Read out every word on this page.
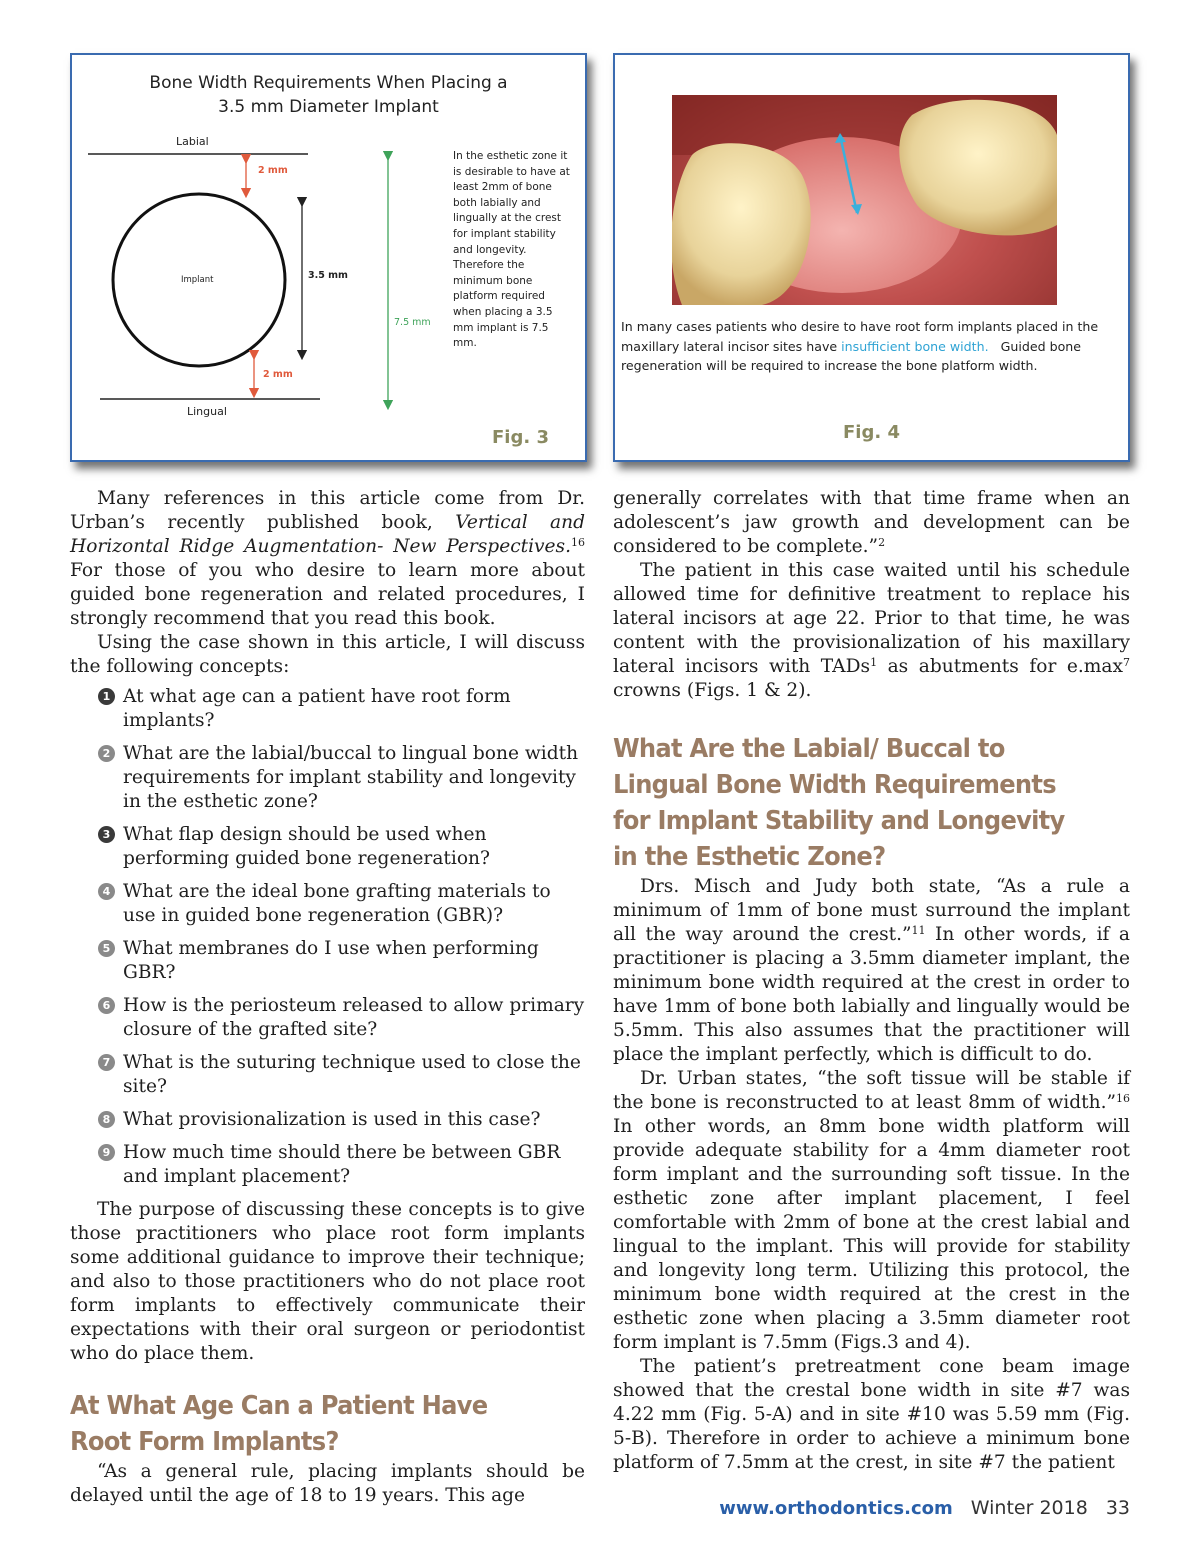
Bone Width Requirements When Placing a
3.5 mm Diameter Implant
Labial
Lingual
Implant
2 mm
2 mm
3.5 mm
7.5 mm
In the esthetic zone it is desirable to have at least 2mm of bone both labially and lingually at the crest for implant stability and longevity. Therefore the minimum bone platform required when placing a 3.5 mm implant is 7.5 mm.
Fig. 3
In many cases patients who desire to have root form implants placed in the maxillary lateral incisor sites have insufficient bone width.   Guided bone regeneration will be required to increase the bone platform width.
Fig. 4

Many references in this article come from Dr. Urban’s recently published book, Vertical and Horizontal Ridge Augmentation- New Perspectives.$^{16}$ For those of you who desire to learn more about guided bone regeneration and related procedures, I strongly recommend that you read this book.

Using the case shown in this article, I will discuss the following concepts:

1 At what age can a patient have root form implants?
2 What are the labial/buccal to lingual bone width requirements for implant stability and longevity in the esthetic zone?
3 What flap design should be used when performing guided bone regeneration?
4 What are the ideal bone grafting materials to use in guided bone regeneration (GBR)?
5 What membranes do I use when performing GBR?
6 How is the periosteum released to allow primary closure of the grafted site?
7 What is the suturing technique used to close the site?
8 What provisionalization is used in this case?
9 How much time should there be between GBR and implant placement?

The purpose of discussing these concepts is to give those practitioners who place root form implants some additional guidance to improve their technique; and also to those practitioners who do not place root form implants to effectively communicate their expectations with their oral surgeon or periodontist who do place them.

At What Age Can a Patient Have Root Form Implants?

“As a general rule, placing implants should be delayed until the age of 18 to 19 years. This age

generally correlates with that time frame when an adolescent’s jaw growth and development can be considered to be complete.”$^2$

The patient in this case waited until his schedule allowed time for definitive treatment to replace his lateral incisors at age 22. Prior to that time, he was content with the provisionalization of his maxillary lateral incisors with TADs$^1$ as abutments for $e.\max^7$ crowns (Figs. 1 & 2).

What Are the Labial/ Buccal to Lingual Bone Width Requirements for Implant Stability and Longevity in the Esthetic Zone?

Drs. Misch and Judy both state, “As a rule a minimum of 1mm of bone must surround the implant all the way around the crest.”$^{11}$ In other words, if a practitioner is placing a 3.5mm diameter implant, the minimum bone width required at the crest in order to have 1mm of bone both labially and lingually would be 5.5mm. This also assumes that the practitioner will place the implant perfectly, which is difficult to do.

Dr. Urban states, “the soft tissue will be stable if the bone is reconstructed to at least 8mm of width.”$^{16}$ In other words, an 8mm bone width platform will provide adequate stability for a 4mm diameter root form implant and the surrounding soft tissue. In the esthetic zone after implant placement, I feel comfortable with 2mm of bone at the crest labial and lingual to the implant. This will provide for stability and longevity long term. Utilizing this protocol, the minimum bone width required at the crest in the esthetic zone when placing a 3.5mm diameter root form implant is 7.5mm (Figs.3 and 4).

The patient’s pretreatment cone beam image showed that the crestal bone width in site #7 was 4.22 mm (Fig. 5-A) and in site #10 was 5.59 mm (Fig. 5-B). Therefore in order to achieve a minimum bone platform of 7.5mm at the crest, in site #7 the patient

www.orthodontics.com Winter 2018 33
